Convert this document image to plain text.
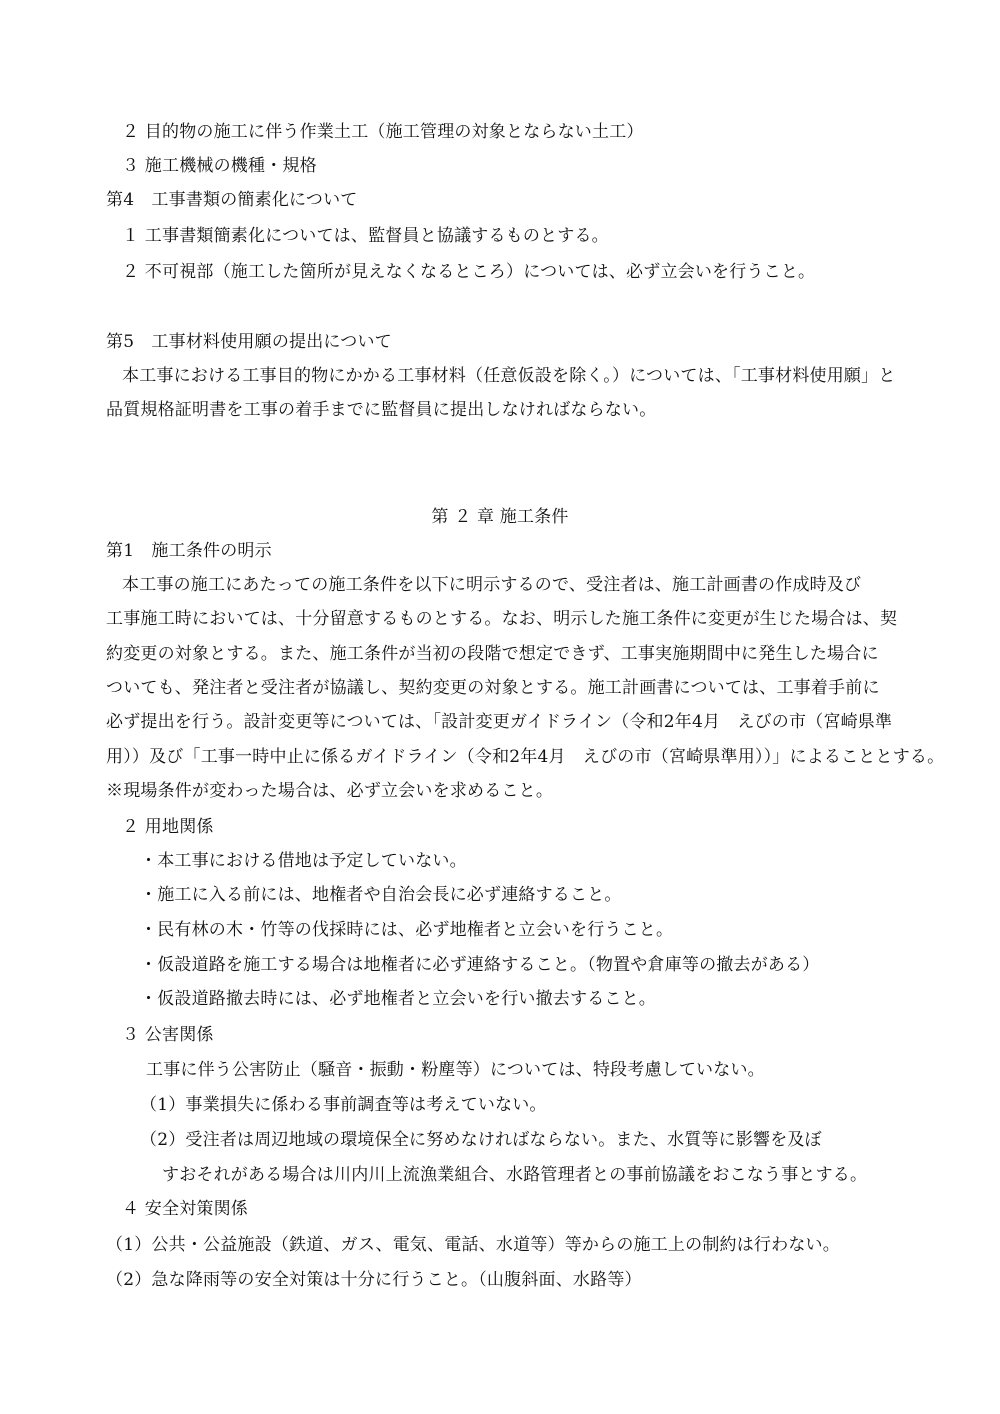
２ 目的物の施工に伴う作業土工（施工管理の対象とならない土工）
３ 施工機械の機種・規格
第4　工事書類の簡素化について
１ 工事書類簡素化については、監督員と協議するものとする。
２ 不可視部（施工した箇所が見えなくなるところ）については、必ず立会いを行うこと。
第5　工事材料使用願の提出について
本工事における工事目的物にかかる工事材料（任意仮設を除く。）については、「工事材料使用願」と
品質規格証明書を工事の着手までに監督員に提出しなければならない。
第 ２ 章 施工条件
第1　施工条件の明示
本工事の施工にあたっての施工条件を以下に明示するので、受注者は、施工計画書の作成時及び
工事施工時においては、十分留意するものとする。なお、明示した施工条件に変更が生じた場合は、契
約変更の対象とする。また、施工条件が当初の段階で想定できず、工事実施期間中に発生した場合に
ついても、発注者と受注者が協議し、契約変更の対象とする。施工計画書については、工事着手前に
必ず提出を行う。設計変更等については、「設計変更ガイドライン（令和2年4月　えびの市（宮崎県準
用））及び「工事一時中止に係るガイドライン（令和2年4月　えびの市（宮崎県準用））」によることとする。
※現場条件が変わった場合は、必ず立会いを求めること。
２ 用地関係
・本工事における借地は予定していない。
・施工に入る前には、地権者や自治会長に必ず連絡すること。
・民有林の木・竹等の伐採時には、必ず地権者と立会いを行うこと。
・仮設道路を施工する場合は地権者に必ず連絡すること。（物置や倉庫等の撤去がある）
・仮設道路撤去時には、必ず地権者と立会いを行い撤去すること。
３ 公害関係
工事に伴う公害防止（騒音・振動・粉塵等）については、特段考慮していない。
（1）事業損失に係わる事前調査等は考えていない。
（2）受注者は周辺地域の環境保全に努めなければならない。また、水質等に影響を及ぼ
すおそれがある場合は川内川上流漁業組合、水路管理者との事前協議をおこなう事とする。
４ 安全対策関係
（1）公共・公益施設（鉄道、ガス、電気、電話、水道等）等からの施工上の制約は行わない。
（2）急な降雨等の安全対策は十分に行うこと。（山腹斜面、水路等）
